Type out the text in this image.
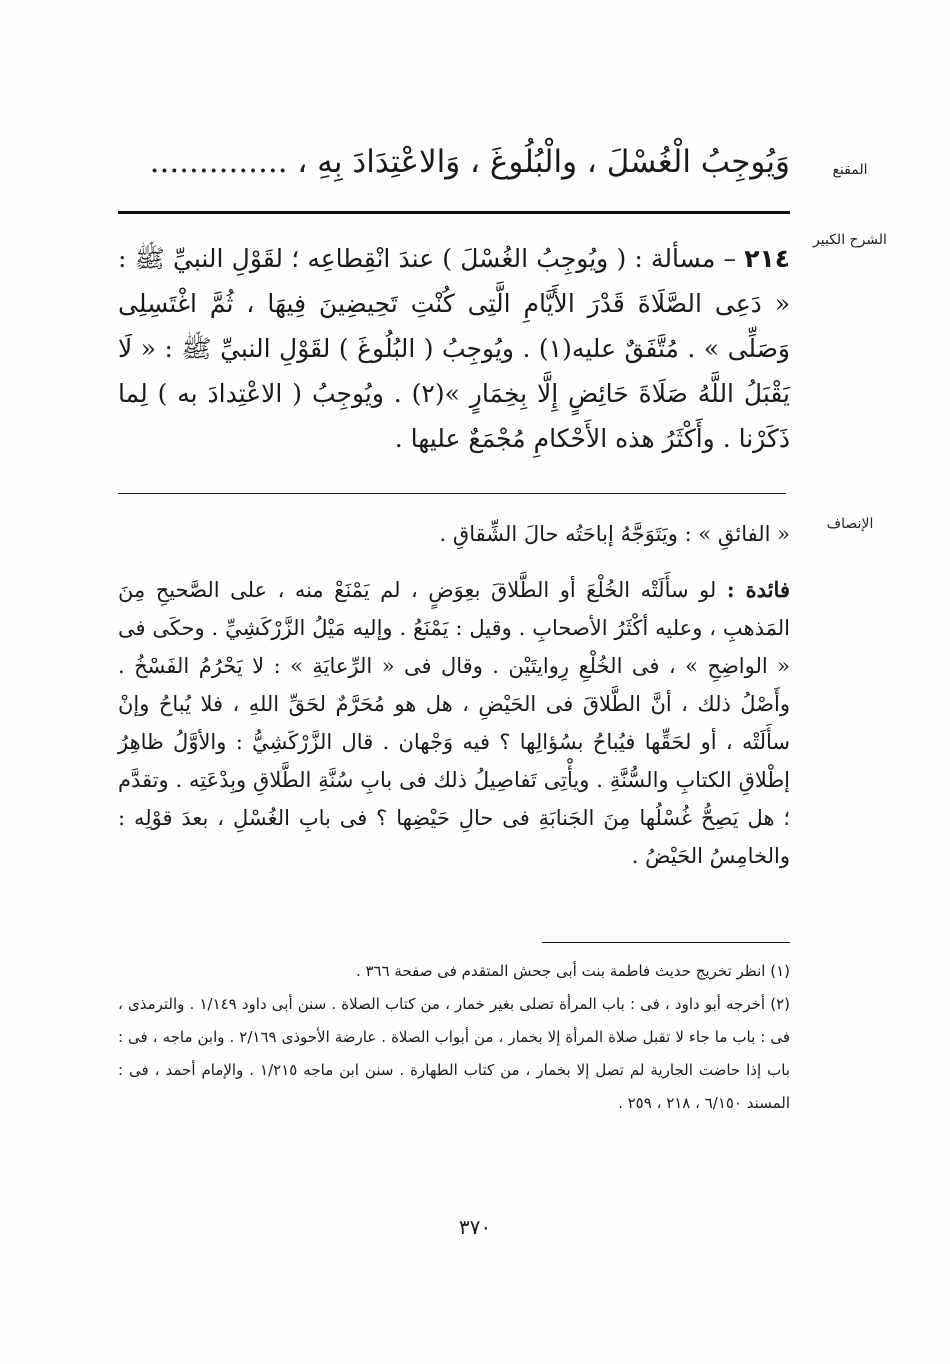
المقنع
وَيُوجِبُ الْغُسْلَ ، والْبُلُوغَ ، وَالاعْتِدَادَ بِهِ ، ..............
الشرح الكبير
٢١٤ – مسألة : ( ويُوجِبُ الغُسْلَ ) عندَ انْقِطاعِه ؛ لقَوْلِ النبيِّ ﷺ : « دَعِى الصَّلَاةَ قَدْرَ الأَيَّامِ الَّتِى كُنْتِ تَحِيضِينَ فِيهَا ، ثُمَّ اغْتَسِلِى وَصَلِّى » . مُتَّفَقٌ عليه(١) . ويُوجِبُ ( البُلُوغَ ) لقَوْلِ النبيِّ ﷺ : « لَا يَقْبَلُ اللَّهُ صَلَاةَ حَائِضٍ إِلَّا بِخِمَارٍ »(٢) . ويُوجِبُ ( الاعْتِدادَ به ) لِما ذَكَرْنا . وأَكْثَرُ هذه الأَحْكامِ مُجْمَعٌ عليها .
الإنصاف

« الفائقِ » : ويَتَوَجَّهُ إباحَتُه حالَ الشِّقاقِ .

فائدة : لو سأَلَتْه الخُلْعَ أو الطَّلاقَ بعِوَضٍ ، لم يَمْنَعْ منه ، على الصَّحيحِ مِنَ المَذهبِ ، وعليه أكْثَرُ الأصحابِ . وقيل : يَمْنَعُ . وإليه مَيْلُ الزَّرْكَشِيِّ . وحكَى فى « الواضِحِ » ، فى الخُلْعِ رِوايتَيْن . وقال فى « الرِّعايَةِ » : لا يَحْرُمُ الفَسْخُ . وأَصْلُ ذلك ، أنَّ الطَّلاقَ فى الحَيْضِ ، هل هو مُحَرَّمٌ لحَقِّ اللهِ ، فلا يُباحُ وإنْ سأَلَتْه ، أو لحَقِّها فيُباحُ بسُؤالِها ؟ فيه وَجْهان . قال الزَّرْكَشِيُّ : والأوَّلُ ظاهِرُ إطْلاقِ الكتابِ والسُّنَّةِ . ويأْتِى تَفاصِيلُ ذلك فى بابِ سُنَّةِ الطَّلاقِ وبِدْعَتِه . وتقدَّم ؛ هل يَصِحُّ غُسْلُها مِنَ الجَنابَةِ فى حالِ حَيْضِها ؟ فى بابِ الغُسْلِ ، بعدَ قوْلِه : والخامِسُ الحَيْضُ .

(١) انظر تخريج حديث فاطمة بنت أبى جحش المتقدم فى صفحة ٣٦٦ .

(٢) أخرجه أبو داود ، فى : باب المرأة تصلى بغير خمار ، من كتاب الصلاة . سنن أبى داود ١/١٤٩ . والترمذى ، فى : باب ما جاء لا تقبل صلاة المرأة إلا بخمار ، من أبواب الصلاة . عارضة الأحوذى ٢/١٦٩ . وابن ماجه ، فى : باب إذا حاضت الجارية لم تصل إلا بخمار ، من كتاب الطهارة . سنن ابن ماجه ١/٢١٥ . والإمام أحمد ، فى : المسند ٦/١٥٠ ، ٢١٨ ، ٢٥٩ .

٣٧٠
